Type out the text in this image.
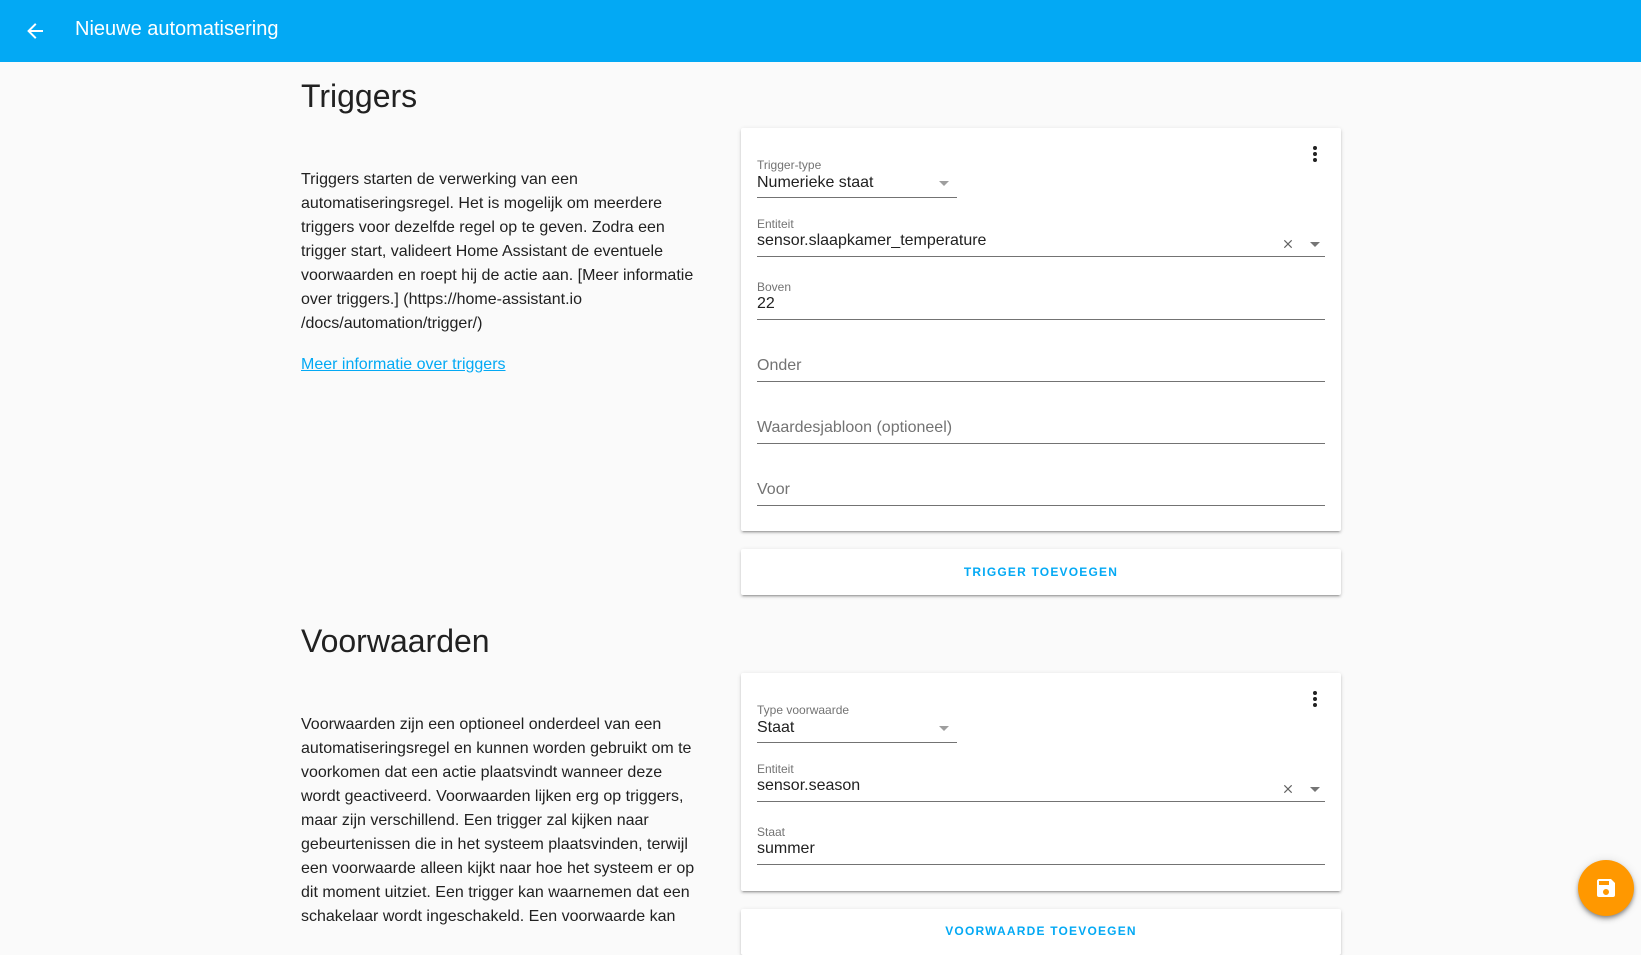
Nieuwe automatisering
Triggers
Triggers starten de verwerking van een automatiseringsregel. Het is mogelijk om meerdere triggers voor dezelfde regel op te geven. Zodra een trigger start, valideert Home Assistant de eventuele voorwaarden en roept hij de actie aan. [Meer informatie over triggers.] (https://home-assistant.io /docs/automation/trigger/)
Meer informatie over triggers
Trigger-type
Numerieke staat
Entiteit
sensor.slaapkamer_temperature
Boven
22
Onder
Waardesjabloon (optioneel)
Voor
TRIGGER TOEVOEGEN
Voorwaarden
Voorwaarden zijn een optioneel onderdeel van een automatiseringsregel en kunnen worden gebruikt om te voorkomen dat een actie plaatsvindt wanneer deze wordt geactiveerd. Voorwaarden lijken erg op triggers, maar zijn verschillend. Een trigger zal kijken naar gebeurtenissen die in het systeem plaatsvinden, terwijl een voorwaarde alleen kijkt naar hoe het systeem er op dit moment uitziet. Een trigger kan waarnemen dat een schakelaar wordt ingeschakeld. Een voorwaarde kan
Type voorwaarde
Staat
Entiteit
sensor.season
Staat
summer
VOORWAARDE TOEVOEGEN
